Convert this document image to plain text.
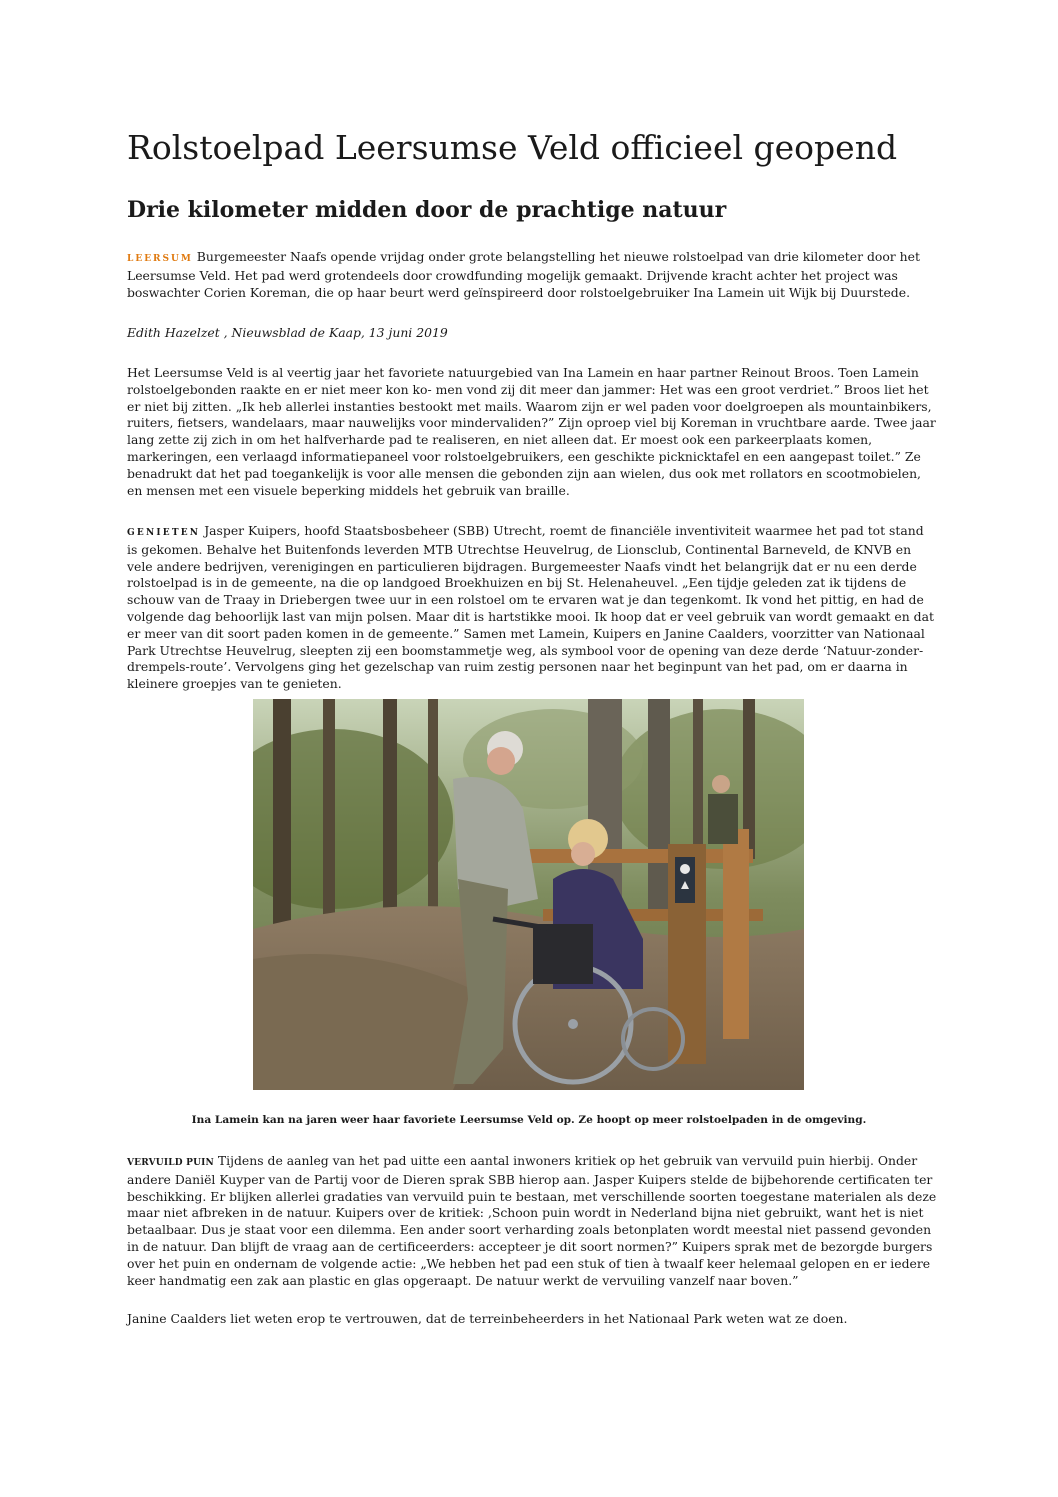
Rolstoelpad Leersumse Veld officieel geopend
Drie kilometer midden door de prachtige natuur

LEERSUM Burgemeester Naafs opende vrijdag onder grote belangstelling het nieuwe rolstoelpad van drie kilometer door het Leersumse Veld. Het pad werd grotendeels door crowdfunding mogelijk gemaakt. Drijvende kracht achter het project was boswachter Corien Koreman, die op haar beurt werd geïnspireerd door rolstoelgebruiker Ina Lamein uit Wijk bij Duurstede.

Edith Hazelzet , Nieuwsblad de Kaap, 13 juni 2019

Het Leersumse Veld is al veertig jaar het favoriete natuurgebied van Ina Lamein en haar partner Reinout Broos. Toen Lamein rolstoelgebonden raakte en er niet meer kon ko- men vond zij dit meer dan jammer: Het was een groot verdriet.” Broos liet het er niet bij zitten. „Ik heb allerlei instanties bestookt met mails. Waarom zijn er wel paden voor doelgroepen als mountainbikers, ruiters, fietsers, wandelaars, maar nauwelijks voor mindervaliden?” Zijn oproep viel bij Koreman in vruchtbare aarde. Twee jaar lang zette zij zich in om het halfverharde pad te realiseren, en niet alleen dat. Er moest ook een parkeerplaats komen, markeringen, een verlaagd informatiepaneel voor rolstoelgebruikers, een geschikte picknicktafel en een aangepast toilet.” Ze benadrukt dat het pad toegankelijk is voor alle mensen die gebonden zijn aan wielen, dus ook met rollators en scootmobielen, en mensen met een visuele beperking middels het gebruik van braille.

GENIETEN Jasper Kuipers, hoofd Staatsbosbeheer (SBB) Utrecht, roemt de financiële inventiviteit waarmee het pad tot stand is gekomen. Behalve het Buitenfonds leverden MTB Utrechtse Heuvelrug, de Lionsclub, Continental Barneveld, de KNVB en vele andere bedrijven, verenigingen en particulieren bijdragen. Burgemeester Naafs vindt het belangrijk dat er nu een derde rolstoelpad is in de gemeente, na die op landgoed Broekhuizen en bij St. Helenaheuvel. „Een tijdje geleden zat ik tijdens de schouw van de Traay in Driebergen twee uur in een rolstoel om te ervaren wat je dan tegenkomt. Ik vond het pittig, en had de volgende dag behoorlijk last van mijn polsen. Maar dit is hartstikke mooi. Ik hoop dat er veel gebruik van wordt gemaakt en dat er meer van dit soort paden komen in de gemeente.” Samen met Lamein, Kuipers en Janine Caalders, voorzitter van Nationaal Park Utrechtse Heuvelrug, sleepten zij een boomstammetje weg, als symbool voor de opening van deze derde ‘Natuur-zonder-drempels-route’. Vervolgens ging het gezelschap van ruim zestig personen naar het beginpunt van het pad, om er daarna in kleinere groepjes van te genieten.

Ina Lamein kan na jaren weer haar favoriete Leersumse Veld op. Ze hoopt op meer rolstoelpaden in de omgeving.

VERVUILD PUIN Tijdens de aanleg van het pad uitte een aantal inwoners kritiek op het gebruik van vervuild puin hierbij. Onder andere Daniël Kuyper van de Partij voor de Dieren sprak SBB hierop aan. Jasper Kuipers stelde de bijbehorende certificaten ter beschikking. Er blijken allerlei gradaties van vervuild puin te bestaan, met verschillende soorten toegestane materialen als deze maar niet afbreken in de natuur. Kuipers over de kritiek: ‚Schoon puin wordt in Nederland bijna niet gebruikt, want het is niet betaalbaar. Dus je staat voor een dilemma. Een ander soort verharding zoals betonplaten wordt meestal niet passend gevonden in de natuur. Dan blijft de vraag aan de certificeerders: accepteer je dit soort normen?” Kuipers sprak met de bezorgde burgers over het puin en ondernam de volgende actie: „We hebben het pad een stuk of tien à twaalf keer helemaal gelopen en er iedere keer handmatig een zak aan plastic en glas opgeraapt. De natuur werkt de vervuiling vanzelf naar boven.”

Janine Caalders liet weten erop te vertrouwen, dat de terreinbeheerders in het Nationaal Park weten wat ze doen.
